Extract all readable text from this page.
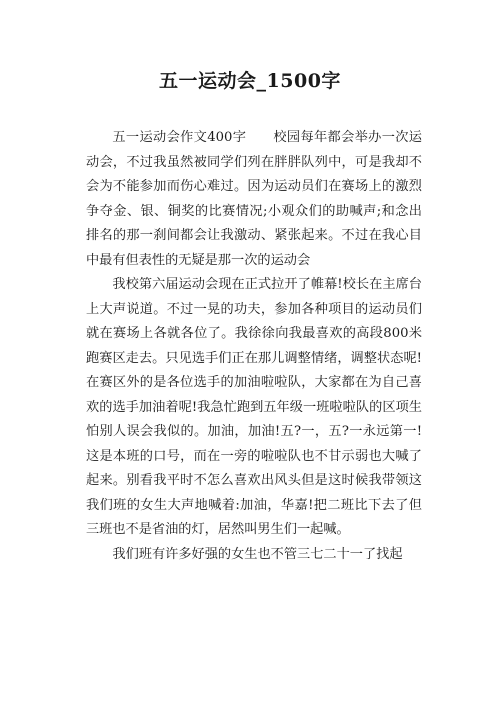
五一运动会_1500字

五一运动会作文400字　　校园每年都会举办一次运动会，不过我虽然被同学们列在胖胖队列中，可是我却不会为不能参加而伤心难过。因为运动员们在赛场上的激烈争夺金、银、铜奖的比赛情况;小观众们的助喊声;和念出排名的那一刹间都会让我激动、紧张起来。不过在我心目中最有但表性的无疑是那一次的运动会

我校第六届运动会现在正式拉开了帷幕!校长在主席台上大声说道。不过一晃的功夫，参加各种项目的运动员们就在赛场上各就各位了。我徐徐向我最喜欢的高段800米跑赛区走去。只见选手们正在那儿调整情绪，调整状态呢!在赛区外的是各位选手的加油啦啦队，大家都在为自己喜欢的选手加油着呢!我急忙跑到五年级一班啦啦队的区项生怕别人误会我似的。加油，加油!五?一，五?一永远第一!这是本班的口号，而在一旁的啦啦队也不甘示弱也大喊了起来。别看我平时不怎么喜欢出风头但是这时候我带领这我们班的女生大声地喊着:加油，华嘉!把二班比下去了但三班也不是省油的灯，居然叫男生们一起喊。

我们班有许多好强的女生也不管三七二十一了找起
